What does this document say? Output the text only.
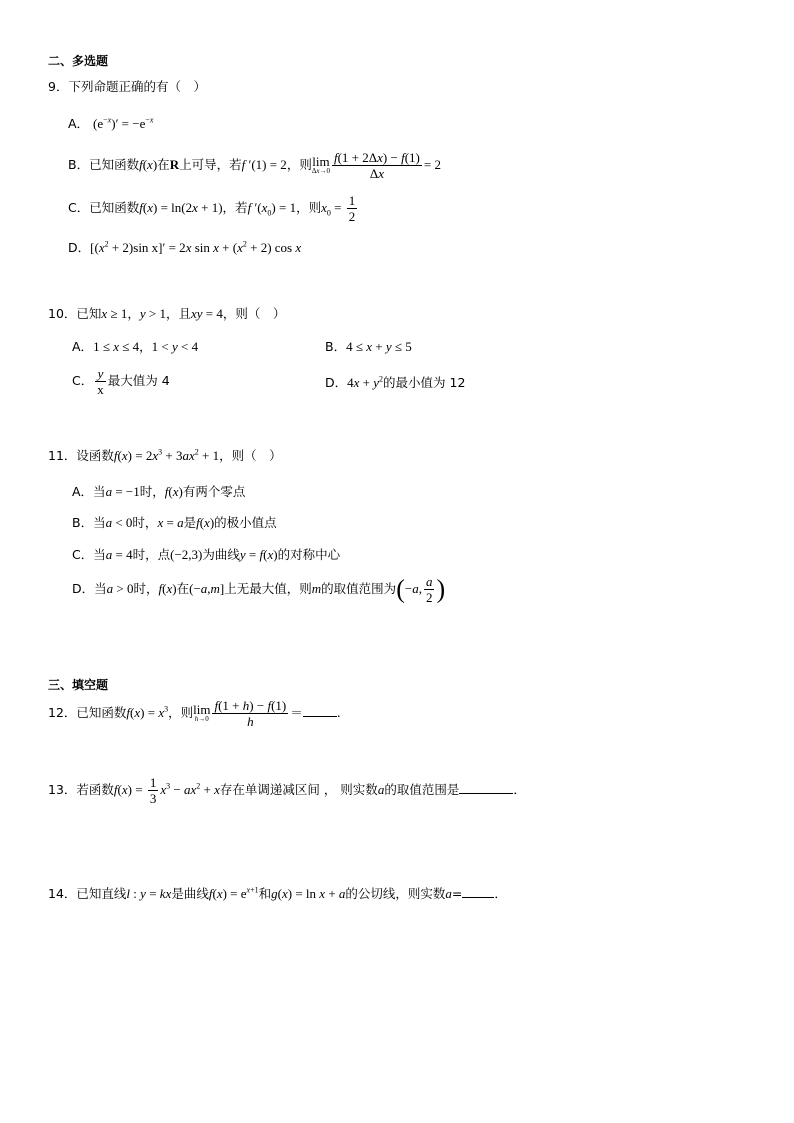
二、多选题
9．下列命题正确的有（　）
A． $(e^{-x})' = -e^{-x}$
B．已知函数f(x)在R上可导，若f ′(1) = 2，则lim
$\Delta x\to 0 \frac{f(1 + 2\Delta x) - f(1)}{\Delta x} = 2$
C．已知函数f(x) = ln(2x + 1)，若f $'(x_0) = 1$，则$x_0 = \frac{1}{2}$
D．[$(x^2 + 2)\sin$ x]′ = 2x $\sin x + (x^2 + 2)$ cos x
10．已知x ≥ 1，y > 1，且xy = 4，则（　）
A．1 ≤ x ≤ 4，1 < y < 4	B．4 ≤ x + y ≤ 5
C． $\frac{y}{x}$ 最大值为 4	D．$4x + y^2$的最小值为 12
11．设函数$f(x) = 2x^3 + 3ax^2 + 1$，则（　）
A．当a = −1时，f(x)有两个零点
B．当a < 0时，x = a是f(x)的极小值点
C．当a = 4时，点(−2,3)为曲线y = f(x)的对称中心
D．当a > 0时，f(x)在(−a,m]上无最大值，则m的取值范围为(−a, $\frac{a}{2}$ )
三、填空题
12．已知函数$f(x) = x^3$，则lim
$h\to 0 \frac{f(1 + h) - f(1)}{h}$ ＝	.
13．若函数$f(x) = \frac{1}{3} x^3 - ax^2 + x$存在单调递减区间 ， 则实数a的取值范围是	．
14．已知直线l : y = kx是曲线$f(x) = e^{x+1}$和g(x) = ln x + a的公切线，则实数a=	．
